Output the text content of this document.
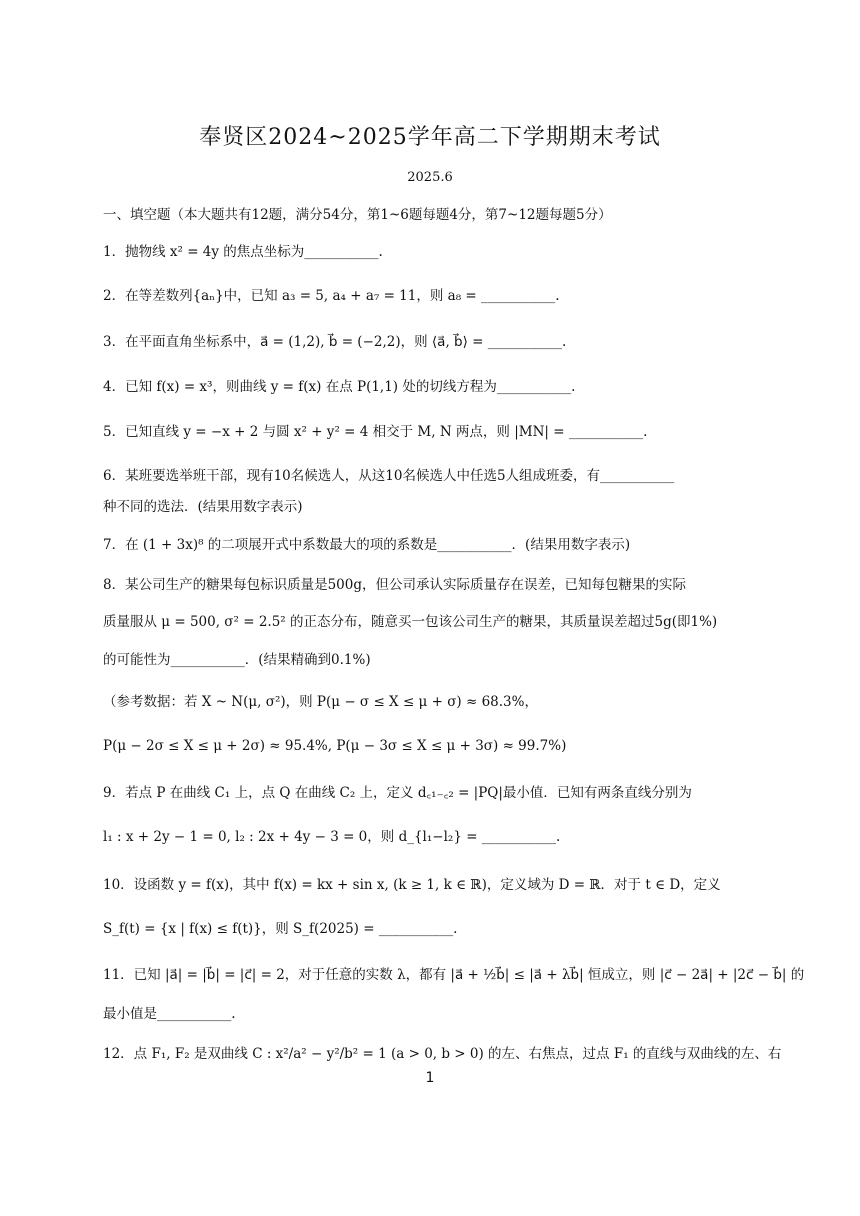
奉贤区2024~2025学年高二下学期期末考试
2025.6
一、填空题（本大题共有12题，满分54分，第1~6题每题4分，第7~12题每题5分）
1．抛物线 x² = 4y 的焦点坐标为___________.
2．在等差数列{aₙ}中，已知 a₃ = 5, a₄ + a₇ = 11，则 a₈ = ___________.
3．在平面直角坐标系中，a⃗ = (1,2), b⃗ = (−2,2)，则 ⟨a⃗, b⃗⟩ = ___________.
4．已知 f(x) = x³，则曲线 y = f(x) 在点 P(1,1) 处的切线方程为___________.
5．已知直线 y = −x + 2 与圆 x² + y² = 4 相交于 M, N 两点，则 |MN| = ___________.
6．某班要选举班干部，现有10名候选人，从这10名候选人中任选5人组成班委，有___________
种不同的选法．(结果用数字表示)
7．在 (1 + 3x)⁸ 的二项展开式中系数最大的项的系数是___________．(结果用数字表示)
8．某公司生产的糖果每包标识质量是500g，但公司承认实际质量存在误差，已知每包糖果的实际
质量服从 μ = 500, σ² = 2.5² 的正态分布，随意买一包该公司生产的糖果，其质量误差超过5g(即1%)
的可能性为___________．(结果精确到0.1%)
（参考数据：若 X ~ N(μ, σ²)，则 P(μ − σ ≤ X ≤ μ + σ) ≈ 68.3%，
P(μ − 2σ ≤ X ≤ μ + 2σ) ≈ 95.4%, P(μ − 3σ ≤ X ≤ μ + 3σ) ≈ 99.7%)
9．若点 P 在曲线 C₁ 上，点 Q 在曲线 C₂ 上，定义 d꜀₁₋꜀₂ = |PQ|最小值．已知有两条直线分别为
l₁ : x + 2y − 1 = 0, l₂ : 2x + 4y − 3 = 0，则 d_{l₁−l₂} = ___________.
10．设函数 y = f(x)，其中 f(x) = kx + sin x, (k ≥ 1, k ∈ ℝ)，定义域为 D = ℝ．对于 t ∈ D，定义
S_f(t) = {x | f(x) ≤ f(t)}，则 S_f(2025) = ___________.
11．已知 |a⃗| = |b⃗| = |c⃗| = 2，对于任意的实数 λ，都有 |a⃗ + ½b⃗| ≤ |a⃗ + λb⃗| 恒成立，则 |c⃗ − 2a⃗| + |2c⃗ − b⃗| 的
最小值是___________.
12．点 F₁, F₂ 是双曲线 C : x²/a² − y²/b² = 1 (a > 0, b > 0) 的左、右焦点，过点 F₁ 的直线与双曲线的左、右
1
